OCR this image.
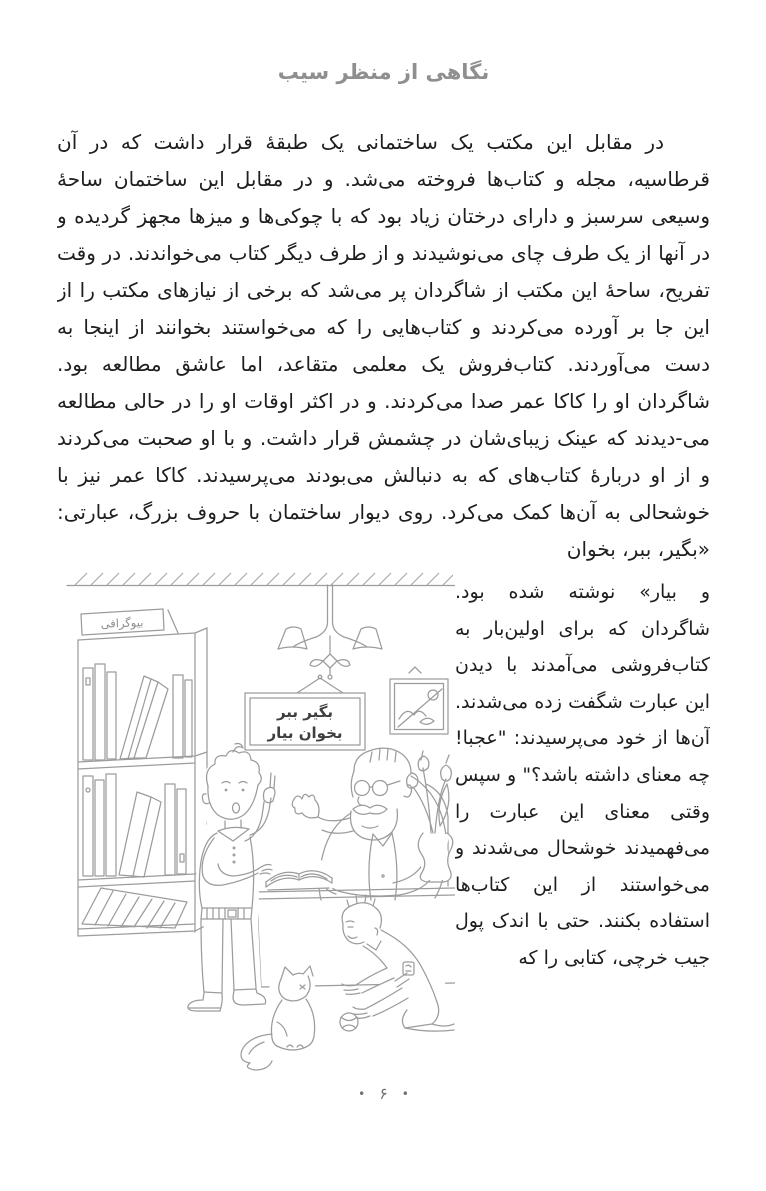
نگاهی از منظر سیب
در مقابل این مکتب یک ساختمانی یک طبقهٔ قرار داشت که در آن قرطاسیه، مجله و کتاب‌ها فروخته می‌شد. و در مقابل این ساختمان ساحهٔ وسیعی سرسبز و دارای درختان زیاد بود که با چوکی‌ها و میزها مجهز گردیده و در آنها از یک طرف چای می‌نوشیدند و از طرف دیگر کتاب می‌خواندند. در وقت تفریح، ساحهٔ این مکتب از شاگردان پر می‌شد که برخی از نیازهای مکتب را از این جا بر آورده می‌کردند و کتاب‌هایی را که می‌خواستند بخوانند از اینجا به دست می‌آوردند. کتاب‌فروش یک معلمی متقاعد، اما عاشق مطالعه بود. شاگردان او را کاکا عمر صدا می‌کردند. و در اکثر اوقات او را در حالی مطالعه می-دیدند که عینک زیبای‌شان در چشمش قرار داشت. و با او صحبت می‌کردند و از او دربارهٔ کتاب‌های که به دنبالش می‌بودند می‌پرسیدند. کاکا عمر نیز با خوشحالی به آن‌ها کمک می‌کرد. روی دیوار ساختمان با حروف بزرگ، عبارتی: «بگیر، ببر، بخوان
بیوگرافی
بگیر ببر
بخوان بیار
و بیار» نوشته شده بود. شاگردان که برای اولین‌بار به کتاب‌فروشی می‌آمدند با دیدن این عبارت شگفت زده می‌شدند. آن‌ها از خود می‌پرسیدند: "عجبا! چه معنای داشته باشد؟" و سپس وقتی معنای این عبارت را می‌فهمیدند خوشحال می‌شدند و می‌خواستند از این کتاب‌ها استفاده بکنند. حتی با اندک پول جیب خرچی، کتابی را که
• ۶ •
